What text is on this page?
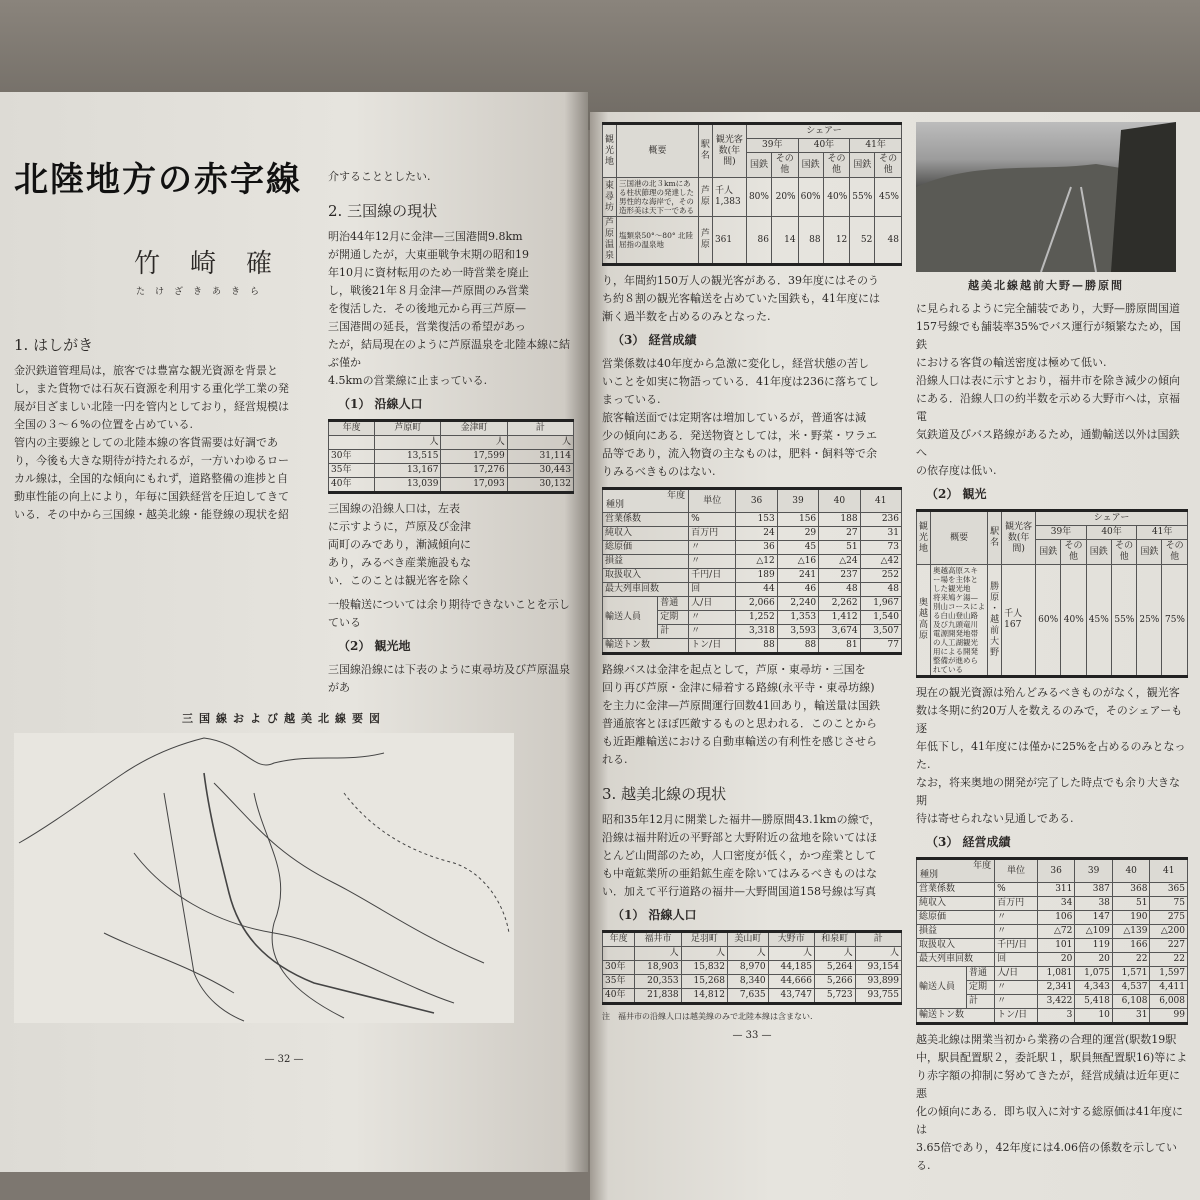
北陸地方の赤字線
竹崎確
たけざきあきら
1. はしがき
金沢鉄道管理局は，旅客では豊富な観光資源を背景と
し，また貨物では石灰石資源を利用する重化学工業の発
展が目ざましい北陸一円を管内としており，経営規模は
全国の３～６%の位置を占めている.
管内の主要線としての北陸本線の客貨需要は好調であ
り，今後も大きな期待が持たれるが，一方いわゆるロー
カル線は，全国的な傾向にもれず，道路整備の進捗と自
動車性能の向上により，年毎に国鉄経営を圧迫してきて
いる．その中から三国線・越美北線・能登線の現状を紹
介することとしたい.
2. 三国線の現状
明治44年12月に金津—三国港間9.8km
が開通したが，大東亜戦争末期の昭和19
年10月に資材転用のため一時営業を廃止
し，戦後21年８月金津—芦原間のみ営業
を復活した．その後地元から再三芦原—
三国港間の延長，営業復活の希望があっ
たが，結局現在のように芦原温泉を北陸本線に結ぶ僅か
4.5kmの営業線に止まっている.
（1） 沿線人口
年度	芦原町	金津町	計
	人	人	人
30年	13,515	17,599	31,114
35年	13,167	17,276	30,443
40年	13,039	17,093	30,132
三国線の沿線人口は，左表
に示すように，芦原及び金津
両町のみであり，漸減傾向に
あり，みるべき産業施設もな
い．このことは観光客を除く
一般輸送については余り期待できないことを示している
（2） 観光地
三国線沿線には下表のように東尋坊及び芦原温泉があ
三国線および越美北線要図
— 32 —
観光地	概要	駅名	観光客数(年間)	シェアー					
				39年		40年		41年	
				国鉄	その他	国鉄	その他	国鉄	その他
東尋坊	三国港の北３kmにある柱状節理の発達した男性的な海岸で，その造形美は天下一である	芦原	千人 1,383	80%	20%	60%	40%	55%	45%
芦原温泉	塩類泉50°～80° 北陸屈指の温泉地	芦原	361	86	14	88	12	52	48
り，年間約150万人の観光客がある．39年度にはそのう
ち約８割の観光客輸送を占めていた国鉄も，41年度には
漸く過半数を占めるのみとなった.
（3） 経営成績
営業係数は40年度から急激に変化し，経営状態の苦し
いことを如実に物語っている．41年度は236に落ちてし
まっている.
旅客輸送面では定期客は増加しているが，普通客は減
少の傾向にある．発送物資としては，米・野菜・ワラエ
品等であり，流入物資の主なものは，肥料・飼料等で余
りみるべきものはない.
年度
種別		単位	36	39	40	41
営業係数		%	153	156	188	236
純収入		百万円	24	29	27	31
総原価		〃	36	45	51	73
損益		〃	△12	△16	△24	△42
取扱収入		千円/日	189	241	237	252
最大列車回数		回	44	46	48	48
輸送人員	普通	人/日	2,066	2,240	2,262	1,967
	定期	〃	1,252	1,353	1,412	1,540
	計	〃	3,318	3,593	3,674	3,507
輸送トン数		トン/日	88	88	81	77
路線バスは金津を起点として，芦原・東尋坊・三国を
回り再び芦原・金津に帰着する路線(永平寺・東尋坊線)
を主力に金津—芦原間運行回数41回あり，輸送量は国鉄
普通旅客とほぼ匹敵するものと思われる．このことから
も近距離輸送における自動車輸送の有利性を感じさせら
れる.
3. 越美北線の現状
昭和35年12月に開業した福井—勝原間43.1kmの線で，
沿線は福井附近の平野部と大野附近の盆地を除いてはほ
とんど山間部のため，人口密度が低く，かつ産業として
も中竜鉱業所の亜鉛鉱生産を除いてはみるべきものはな
い．加えて平行道路の福井—大野間国道158号線は写真
（1） 沿線人口
年度	福井市	足羽町	美山町	大野市	和泉町	計
	人	人	人	人	人	人
30年	18,903	15,832	8,970	44,185	5,264	93,154
35年	20,353	15,268	8,340	44,666	5,266	93,899
40年	21,838	14,812	7,635	43,747	5,723	93,755
注　福井市の沿線人口は越美線のみで北陸本線は含まない.
— 33 —
越美北線越前大野—勝原間
に見られるように完全舗装であり，大野—勝原間国道
157号線でも舗装率35%でバス運行が頻繁なため，国鉄
における客貨の輸送密度は極めて低い.
沿線人口は表に示すとおり，福井市を除き減少の傾向
にある．沿線人口の約半数を示める大野市へは，京福電
気鉄道及びバス路線があるため，通勤輸送以外は国鉄へ
の依存度は低い.
（2） 観光
観光地	概要	駅名	観光客数(年間)	シェアー					
				39年		40年		41年	
				国鉄	その他	国鉄	その他	国鉄	その他
奥越高原	奥越高原スキー場を主体とした観光地　将来鳩ケ湯—別山コースによる白山登山路及び九頭竜川電源開発地帯の人工湖観光用による開発整備が進められている	勝原・越前大野	千人 167	60%	40%	45%	55%	25%	75%
現在の観光資源は殆んどみるべきものがなく，観光客
数は冬期に約20万人を数えるのみで，そのシェアーも逐
年低下し，41年度には僅かに25%を占めるのみとなった.
なお，将来奥地の開発が完了した時点でも余り大きな期
待は寄せられない見通しである.
（3） 経営成績
年度
種別		単位	36	39	40	41
営業係数		%	311	387	368	365
純収入		百万円	34	38	51	75
総原価		〃	106	147	190	275
損益		〃	△72	△109	△139	△200
取扱収入		千円/日	101	119	166	227
最大列車回数		回	20	20	22	22
輸送人員	普通	人/日	1,081	1,075	1,571	1,597
	定期	〃	2,341	4,343	4,537	4,411
	計	〃	3,422	5,418	6,108	6,008
輸送トン数		トン/日	3	10	31	99
越美北線は開業当初から業務の合理的運営(駅数19駅
中，駅員配置駅２，委託駅１，駅員無配置駅16)等によ
り赤字額の抑制に努めてきたが，経営成績は近年更に悪
化の傾向にある．即ち収入に対する総原価は41年度には
3.65倍であり，42年度には4.06倍の係数を示している.
